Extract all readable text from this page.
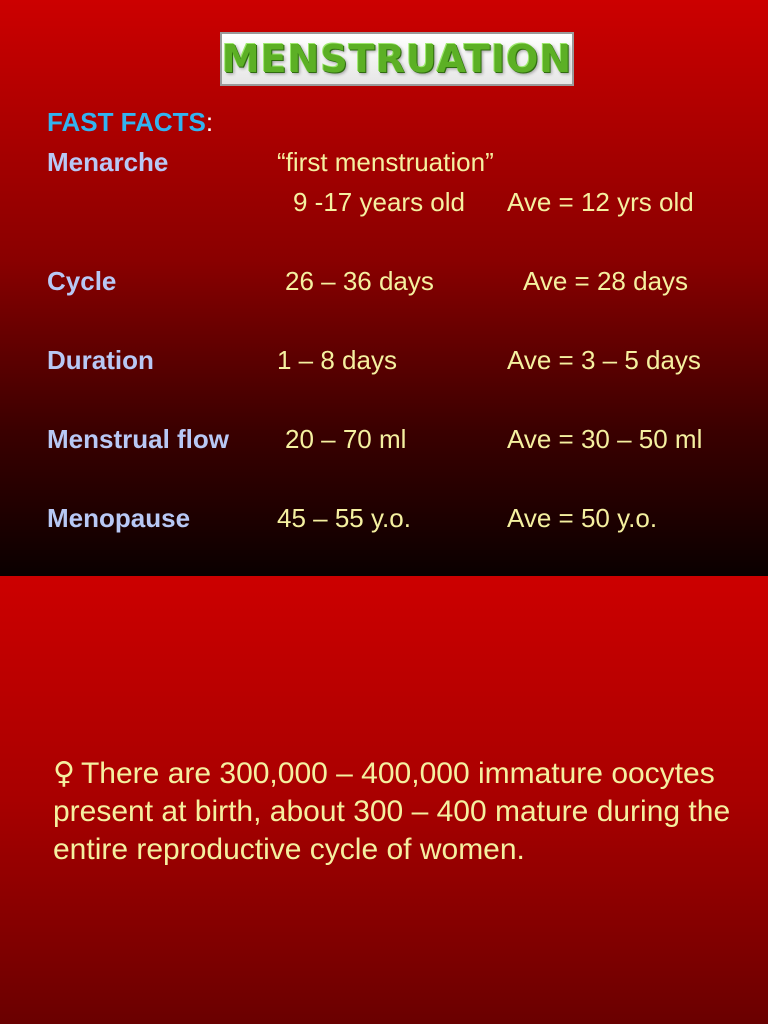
MENSTRUATION
FAST FACTS:
Menarche	“first menstruation”
9 -17 years old Ave = 12 yrs old
Cycle	26 – 36 days	Ave = 28 days
Duration	1 – 8 days	Ave = 3 – 5 days
Menstrual flow 20 – 70 ml	Ave = 30 – 50 ml
Menopause	45 – 55 y.o.	Ave = 50 y.o.
♀ There are 300,000 – 400,000 immature oocytes present at birth, about 300 – 400 mature during the entire reproductive cycle of women.
